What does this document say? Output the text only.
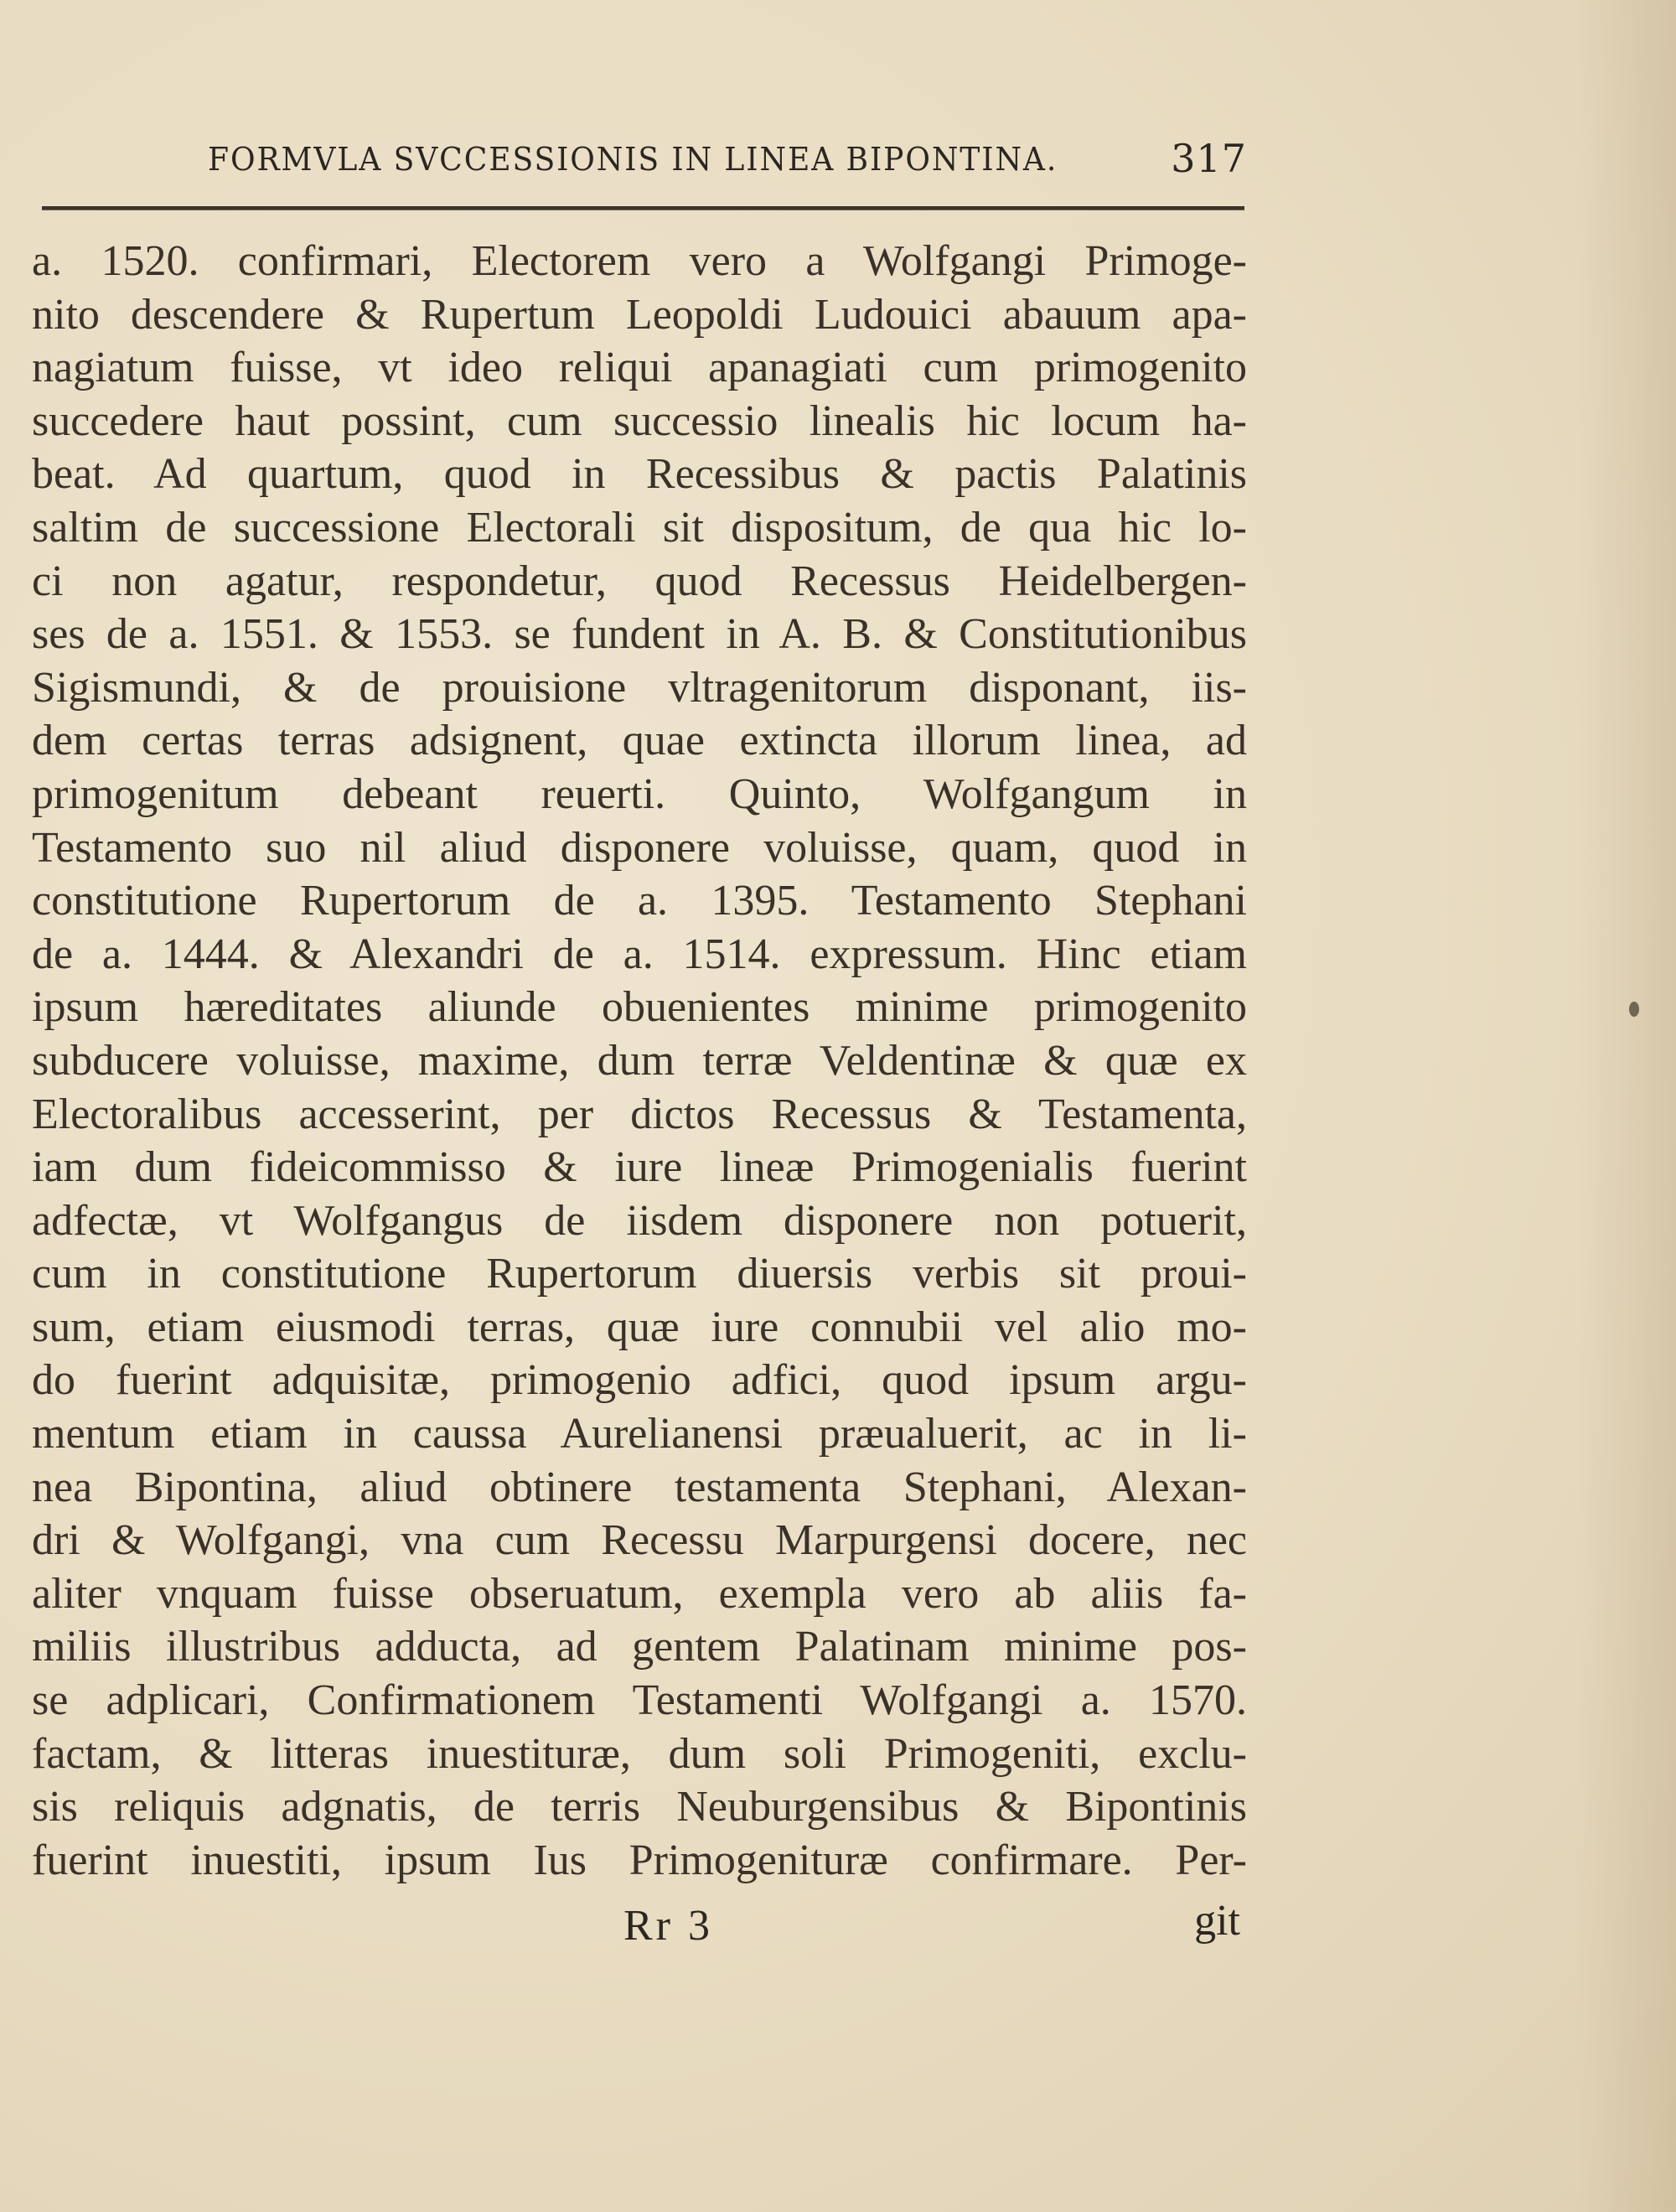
FORMVLA SVCCESSIONIS IN LINEA BIPONTINA.	317
a. 1520. confirmari, Electorem vero a Wolfgangi Primoge-
nito descendere & Rupertum Leopoldi Ludouici abauum apa-
nagiatum fuisse, vt ideo reliqui apanagiati cum primogenito
succedere haut possint, cum successio linealis hic locum ha-
beat. Ad quartum, quod in Recessibus & pactis Palatinis
saltim de successione Electorali sit dispositum, de qua hic lo-
ci non agatur, respondetur, quod Recessus Heidelbergen-
ses de a. 1551. & 1553. se fundent in A. B. & Constitutionibus
Sigismundi, & de prouisione vltragenitorum disponant, iis-
dem certas terras adsignent, quae extincta illorum linea, ad
primogenitum debeant reuerti. Quinto, Wolfgangum in
Testamento suo nil aliud disponere voluisse, quam, quod in
constitutione Rupertorum de a. 1395. Testamento Stephani
de a. 1444. & Alexandri de a. 1514. expressum. Hinc etiam
ipsum hæreditates aliunde obuenientes minime primogenito
subducere voluisse, maxime, dum terræ Veldentinæ & quæ ex
Electoralibus accesserint, per dictos Recessus & Testamenta,
iam dum fideicommisso & iure lineæ Primogenialis fuerint
adfectæ, vt Wolfgangus de iisdem disponere non potuerit,
cum in constitutione Rupertorum diuersis verbis sit proui-
sum, etiam eiusmodi terras, quæ iure connubii vel alio mo-
do fuerint adquisitæ, primogenio adfici, quod ipsum argu-
mentum etiam in caussa Aurelianensi præualuerit, ac in li-
nea Bipontina, aliud obtinere testamenta Stephani, Alexan-
dri & Wolfgangi, vna cum Recessu Marpurgensi docere, nec
aliter vnquam fuisse obseruatum, exempla vero ab aliis fa-
miliis illustribus adducta, ad gentem Palatinam minime pos-
se adplicari, Confirmationem Testamenti Wolfgangi a. 1570.
factam, & litteras inuestituræ, dum soli Primogeniti, exclu-
sis reliquis adgnatis, de terris Neuburgensibus & Bipontinis
fuerint inuestiti, ipsum Ius Primogenituræ confirmare. Per-
Rr 3	git
